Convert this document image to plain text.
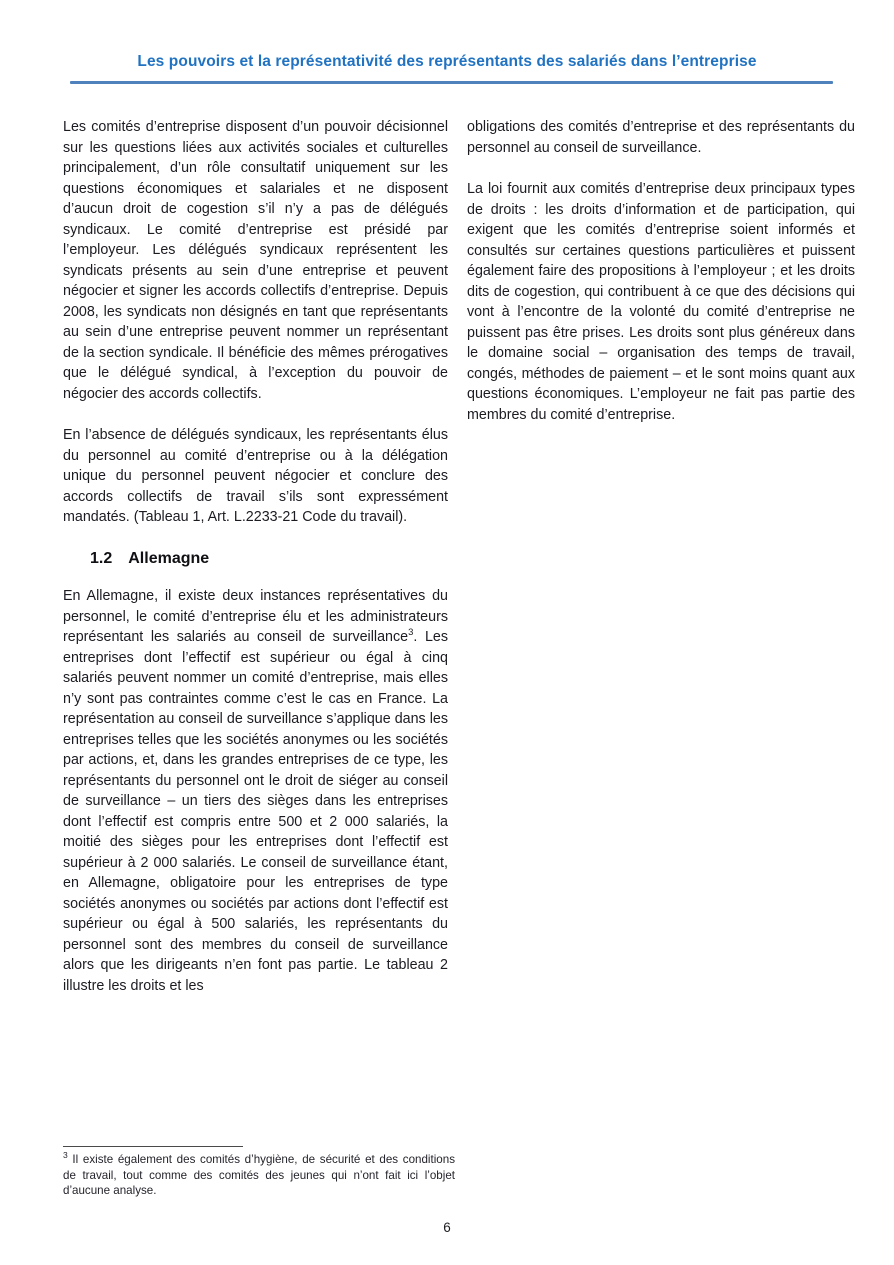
Les pouvoirs et la représentativité des représentants des salariés dans l’entreprise

Les comités d’entreprise disposent d’un pouvoir décisionnel sur les questions liées aux activités sociales et culturelles principalement, d’un rôle consultatif uniquement sur les questions économiques et salariales et ne disposent d’aucun droit de cogestion s’il n’y a pas de délégués syndicaux. Le comité d’entreprise est présidé par l’employeur. Les délégués syndicaux représentent les syndicats présents au sein d’une entreprise et peuvent négocier et signer les accords collectifs d’entreprise. Depuis 2008, les syndicats non désignés en tant que représentants au sein d’une entreprise peuvent nommer un représentant de la section syndicale. Il bénéficie des mêmes prérogatives que le délégué syndical, à l’exception du pouvoir de négocier des accords collectifs.

En l’absence de délégués syndicaux, les représentants élus du personnel au comité d’entreprise ou à la délégation unique du personnel peuvent négocier et conclure des accords collectifs de travail s’ils sont expressément mandatés. (Tableau 1, Art. L.2233-21 Code du travail).

1.2 Allemagne

En Allemagne, il existe deux instances représentatives du personnel, le comité d’entreprise élu et les administrateurs représentant les salariés au conseil de surveillance$^3$. Les entreprises dont l’effectif est supérieur ou égal à cinq salariés peuvent nommer un comité d’entreprise, mais elles n’y sont pas contraintes comme c’est le cas en France. La représentation au conseil de surveillance s’applique dans les entreprises telles que les sociétés anonymes ou les sociétés par actions, et, dans les grandes entreprises de ce type, les représentants du personnel ont le droit de siéger au conseil de surveillance – un tiers des sièges dans les entreprises dont l’effectif est compris entre 500 et 2 000 salariés, la moitié des sièges pour les entreprises dont l’effectif est supérieur à 2 000 salariés. Le conseil de surveillance étant, en Allemagne, obligatoire pour les entreprises de type sociétés anonymes ou sociétés par actions dont l’effectif est supérieur ou égal à 500 salariés, les représentants du personnel sont des membres du conseil de surveillance alors que les dirigeants n’en font pas partie. Le tableau 2 illustre les droits et les

obligations des comités d’entreprise et des représentants du personnel au conseil de surveillance.

La loi fournit aux comités d’entreprise deux principaux types de droits : les droits d’information et de participation, qui exigent que les comités d’entreprise soient informés et consultés sur certaines questions particulières et puissent également faire des propositions à l’employeur ; et les droits dits de cogestion, qui contribuent à ce que des décisions qui vont à l’encontre de la volonté du comité d’entreprise ne puissent pas être prises. Les droits sont plus généreux dans le domaine social – organisation des temps de travail, congés, méthodes de paiement – et le sont moins quant aux questions économiques. L’employeur ne fait pas partie des membres du comité d’entreprise.

$^3$ Il existe également des comités d’hygiène, de sécurité et des conditions de travail, tout comme des comités des jeunes qui n’ont fait ici l’objet d’aucune analyse.

6
